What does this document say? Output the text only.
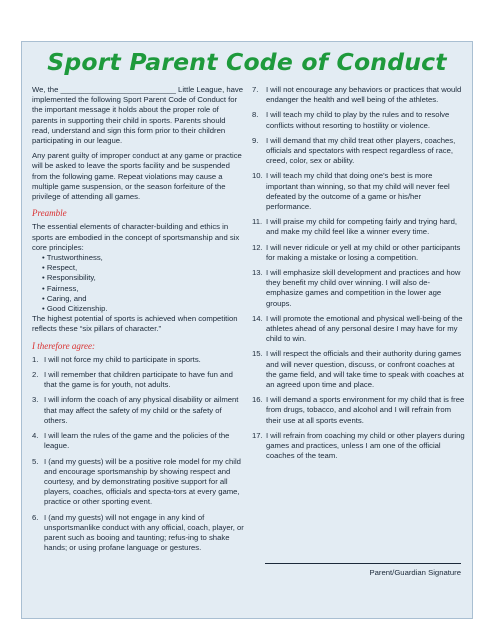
Sport Parent Code of Conduct

We, the ___________________________ Little League, have implemented the following Sport Parent Code of Conduct for the important message it holds about the proper role of parents in supporting their child in sports. Parents should read, understand and sign this form prior to their children participating in our league.

Any parent guilty of improper conduct at any game or practice will be asked to leave the sports facility and be suspended from the following game. Repeat violations may cause a multiple game suspension, or the season forfeiture of the privilege of attending all games.

Preamble

The essential elements of character-building and ethics in sports are embodied in the concept of sportsmanship and six core principles:

• Trustworthiness,
• Respect,
• Responsibility,
• Fairness,
• Caring, and
• Good Citizenship.

The highest potential of sports is achieved when competition reflects these “six pillars of character.”

I therefore agree:
1. I will not force my child to participate in sports.
2. I will remember that children participate to have fun and that the game is for youth, not adults.
3. I will inform the coach of any physical disability or ailment that may affect the safety of my child or the safety of others.
4. I will learn the rules of the game and the policies of the league.
5. I (and my guests) will be a positive role model for my child and encourage sportsmanship by showing respect and courtesy, and by demonstrating positive support for all players, coaches, officials and specta-tors at every game, practice or other sporting event.
6. I (and my guests) will not engage in any kind of unsportsmanlike conduct with any official, coach, player, or parent such as booing and taunting; refus-ing to shake hands; or using profane language or gestures.
7. I will not encourage any behaviors or practices that would endanger the health and well being of the athletes.
8. I will teach my child to play by the rules and to resolve conflicts without resorting to hostility or violence.
9. I will demand that my child treat other players, coaches, officials and spectators with respect regardless of race, creed, color, sex or ability.
10. I will teach my child that doing one's best is more important than winning, so that my child will never feel defeated by the outcome of a game or his/her performance.
11. I will praise my child for competing fairly and trying hard, and make my child feel like a winner every time.
12. I will never ridicule or yell at my child or other participants for making a mistake or losing a competition.
13. I will emphasize skill development and practices and how they benefit my child over winning. I will also de-emphasize games and competition in the lower age groups.
14. I will promote the emotional and physical well-being of the athletes ahead of any personal desire I may have for my child to win.
15. I will respect the officials and their authority during games and will never question, discuss, or confront coaches at the game field, and will take time to speak with coaches at an agreed upon time and place.
16. I will demand a sports environment for my child that is free from drugs, tobacco, and alcohol and I will refrain from their use at all sports events.
17. I will refrain from coaching my child or other players during games and practices, unless I am one of the official coaches of the team.
Parent/Guardian Signature
